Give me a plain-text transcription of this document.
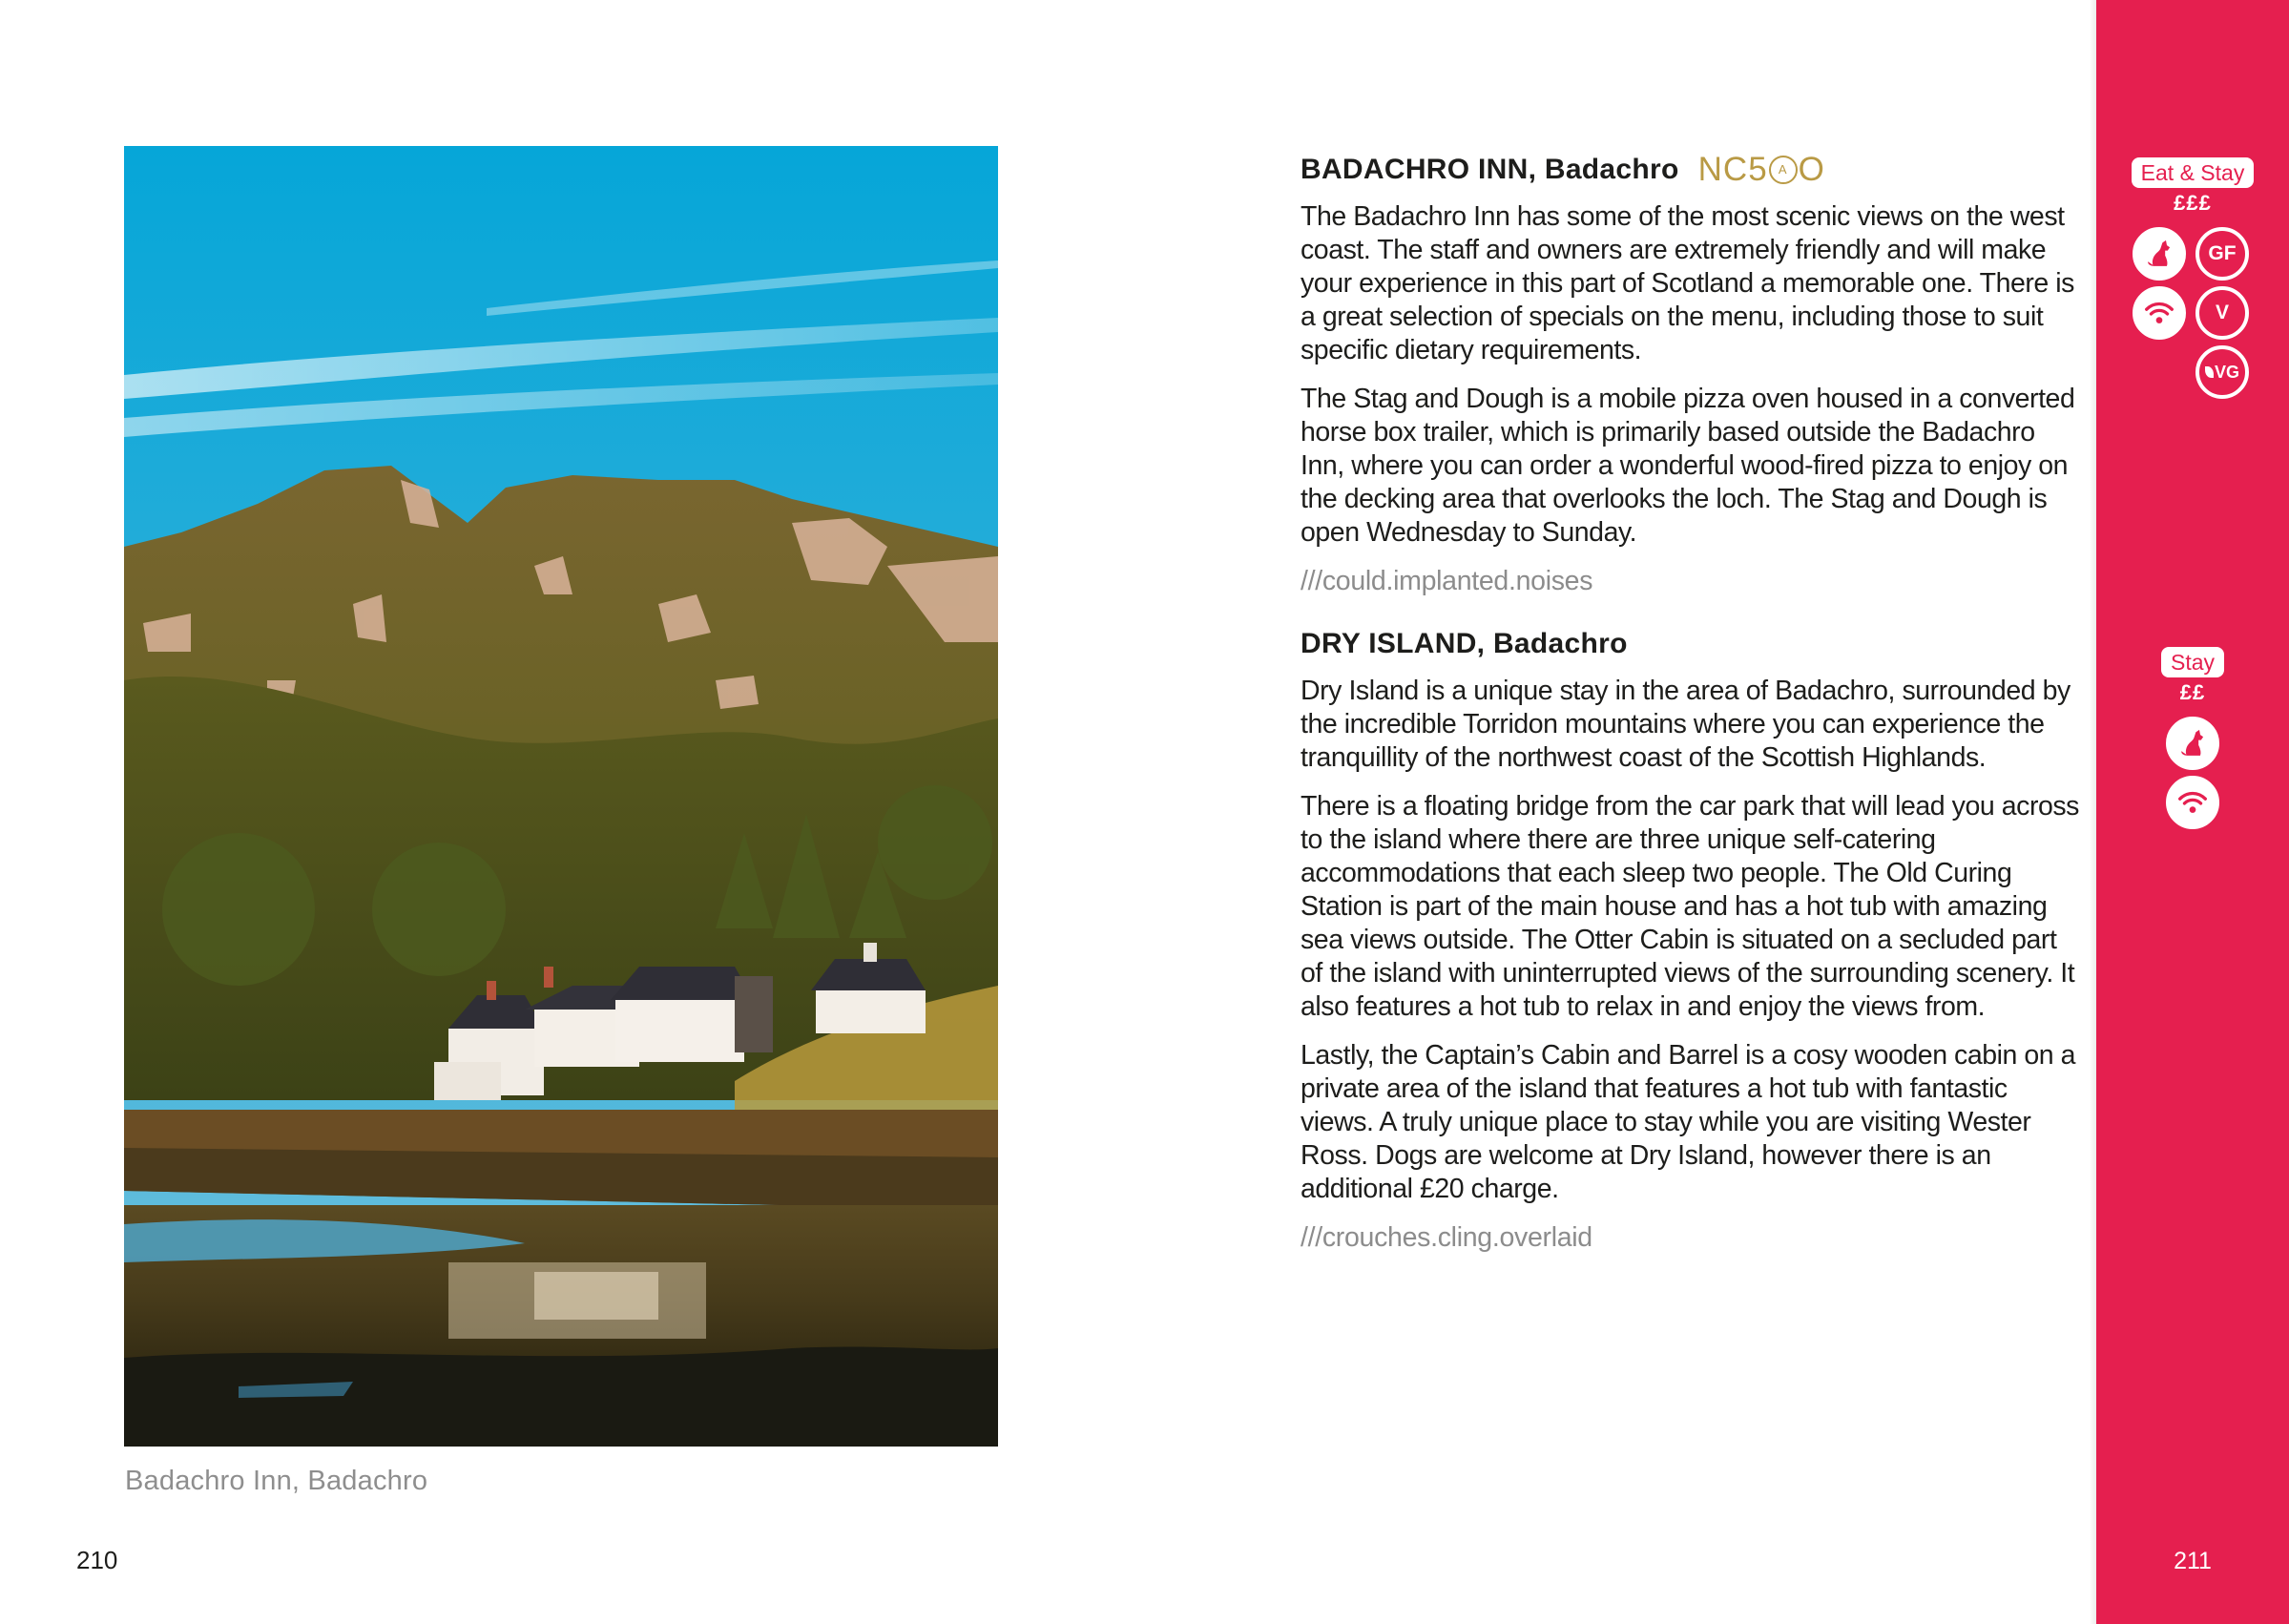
Badachro Inn, Badachro
210
BADACHRO INN, Badachro NC5 A O

The Badachro Inn has some of the most scenic views on the west coast. The staff and owners are extremely friendly and will make your experience in this part of Scotland a memorable one. There is a great selection of specials on the menu, including those to suit specific dietary requirements.

The Stag and Dough is a mobile pizza oven housed in a converted horse box trailer, which is primarily based outside the Badachro Inn, where you can order a wonderful wood-fired pizza to enjoy on the decking area that overlooks the loch. The Stag and Dough is open Wednesday to Sunday.

///could.implanted.noises

DRY ISLAND, Badachro

Dry Island is a unique stay in the area of Badachro, surrounded by the incredible Torridon mountains where you can experience the tranquillity of the northwest coast of the Scottish Highlands.

There is a floating bridge from the car park that will lead you across to the island where there are three unique self-catering accommodations that each sleep two people. The Old Curing Station is part of the main house and has a hot tub with amazing sea views outside. The Otter Cabin is situated on a secluded part of the island with uninterrupted views of the surrounding scenery. It also features a hot tub to relax in and enjoy the views from.

Lastly, the Captain’s Cabin and Barrel is a cosy wooden cabin on a private area of the island that features a hot tub with fantastic views. A truly unique place to stay while you are visiting Wester Ross. Dogs are welcome at Dry Island, however there is an additional £20 charge.

///crouches.cling.overlaid

Eat & Stay
£££
GF
V
VG
Stay
££
211
